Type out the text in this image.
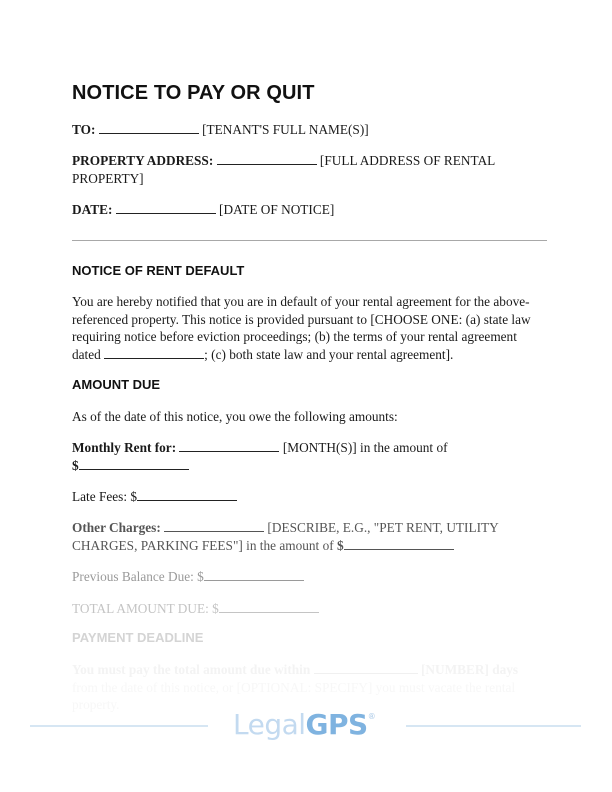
NOTICE TO PAY OR QUIT
TO:	[TENANT'S FULL NAME(S)]
PROPERTY ADDRESS:	[FULL ADDRESS OF RENTAL
PROPERTY]
DATE:	[DATE OF NOTICE]
NOTICE OF RENT DEFAULT
You are hereby notified that you are in default of your rental agreement for the above-
referenced property. This notice is provided pursuant to [CHOOSE ONE: (a) state law
requiring notice before eviction proceedings; (b) the terms of your rental agreement
dated	; (c) both state law and your rental agreement].
AMOUNT DUE
As of the date of this notice, you owe the following amounts:
Monthly Rent for:	[MONTH(S)] in the amount of
$
Late Fees: $
Other Charges:	[DESCRIBE, E.G., "PET RENT, UTILITY
CHARGES, PARKING FEES"] in the amount of $
Previous Balance Due: $
TOTAL AMOUNT DUE: $
PAYMENT DEADLINE
You must pay the total amount due within	[NUMBER] days
from the date of this notice, or [OPTIONAL: SPECIFY] you must vacate the rental property.
LegalGPS®
